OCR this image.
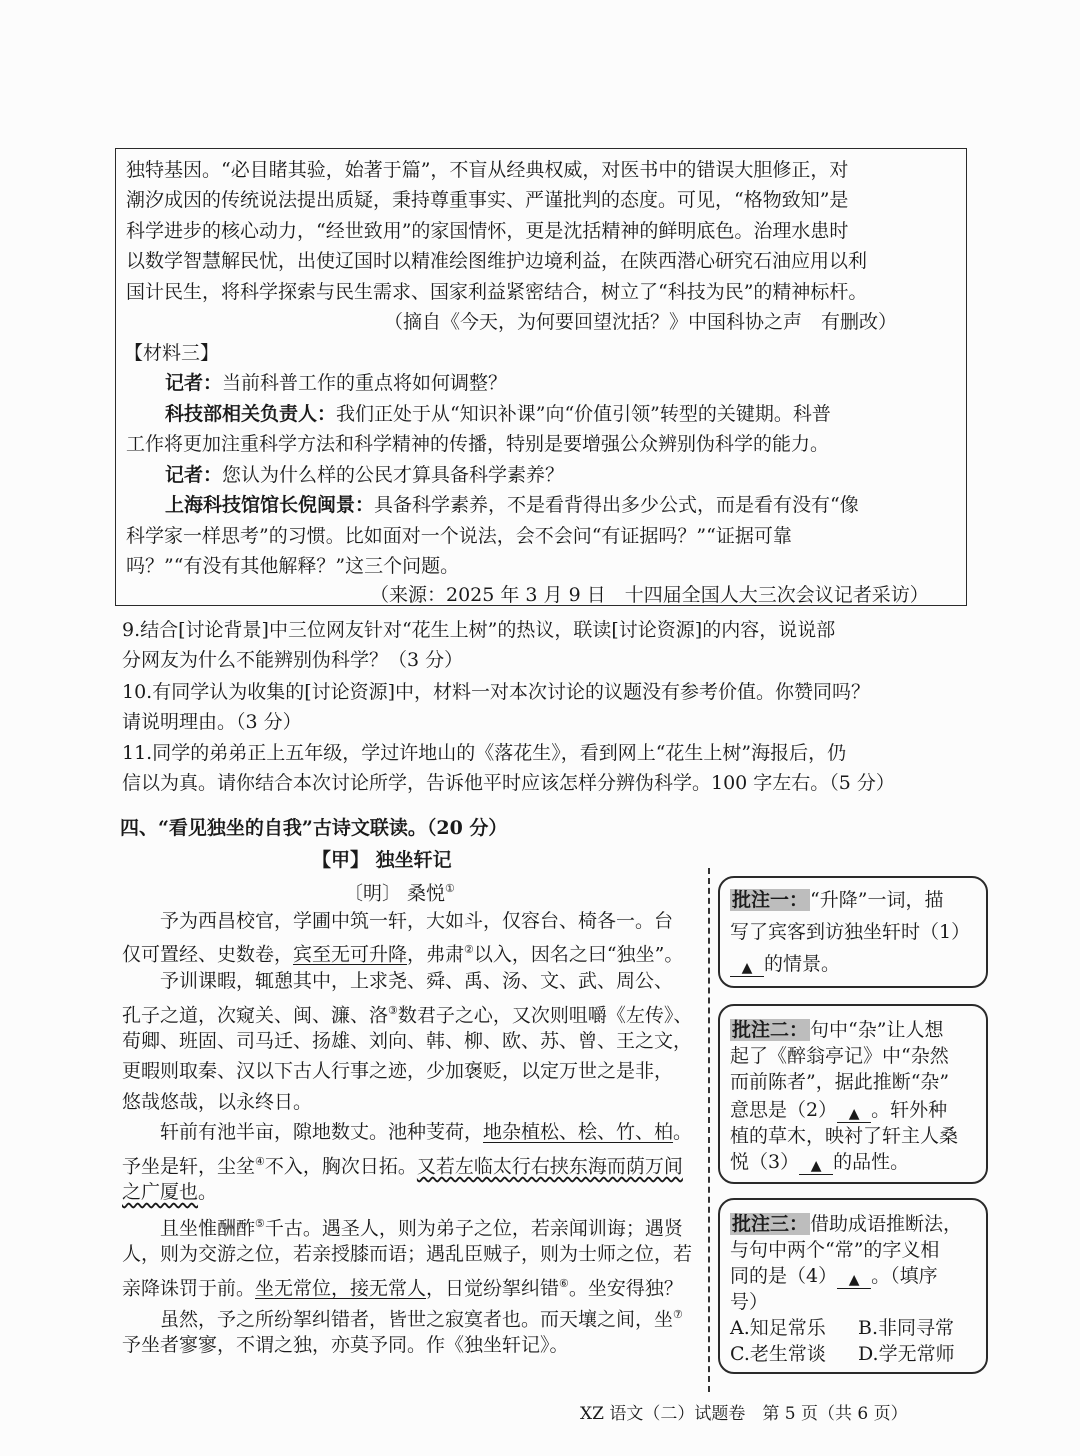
独特基因。“必目睹其验，始著于篇”，不盲从经典权威，对医书中的错误大胆修正，对
潮汐成因的传统说法提出质疑，秉持尊重事实、严谨批判的态度。可见，“格物致知”是
科学进步的核心动力，“经世致用”的家国情怀，更是沈括精神的鲜明底色。治理水患时
以数学智慧解民忧，出使辽国时以精准绘图维护边境利益，在陕西潜心研究石油应用以利
国计民生，将科学探索与民生需求、国家利益紧密结合，树立了“科技为民”的精神标杆。
（摘自《今天，为何要回望沈括？》中国科协之声　有删改）
【材料三】
记者：当前科普工作的重点将如何调整？
科技部相关负责人：我们正处于从“知识补课”向“价值引领”转型的关键期。科普
工作将更加注重科学方法和科学精神的传播，特别是要增强公众辨别伪科学的能力。
记者：您认为什么样的公民才算具备科学素养？
上海科技馆馆长倪闽景：具备科学素养，不是看背得出多少公式，而是看有没有“像
科学家一样思考”的习惯。比如面对一个说法，会不会问“有证据吗？”“证据可靠
吗？”“有没有其他解释？”这三个问题。
（来源：2025 年 3 月 9 日　十四届全国人大三次会议记者采访）
9.结合[讨论背景]中三位网友针对“花生上树”的热议，联读[讨论资源]的内容，说说部
分网友为什么不能辨别伪科学？（3 分）
10.有同学认为收集的[讨论资源]中，材料一对本次讨论的议题没有参考价值。你赞同吗？
请说明理由。（3 分）
11.同学的弟弟正上五年级，学过许地山的《落花生》，看到网上“花生上树”海报后，仍
信以为真。请你结合本次讨论所学，告诉他平时应该怎样分辨伪科学。100 字左右。（5 分）
四、“看见独坐的自我”古诗文联读。（20 分）
【甲】 独坐轩记
〔明〕 桑悦①
予为西昌校官，学圃中筑一轩，大如斗，仅容台、椅各一。台
仅可置经、史数卷，宾至无可升降，弗肃②以入，因名之曰“独坐”。
予训课暇，辄憩其中，上求尧、舜、禹、汤、文、武、周公、
孔子之道，次窥关、闽、濂、洛③数君子之心，又次则咀嚼《左传》、
荀卿、班固、司马迁、扬雄、刘向、韩、柳、欧、苏、曾、王之文，
更暇则取秦、汉以下古人行事之迹，少加褒贬，以定万世之是非，
悠哉悠哉，以永终日。
轩前有池半亩，隙地数丈。池种芰荷，地杂植松、桧、竹、柏。
予坐是轩，尘坌④不入，胸次日拓。又若左临太行右挟东海而荫万间
之广厦也。
且坐惟酬酢⑤千古。遇圣人，则为弟子之位，若亲闻训诲；遇贤
人，则为交游之位，若亲授膝而语；遇乱臣贼子，则为士师之位，若
亲降诛罚于前。坐无常位，接无常人，日觉纷挐纠错⑥。坐安得独？
虽然，予之所纷挐纠错者，皆世之寂寞者也。而天壤之间，坐⑦
予坐者寥寥，不谓之独，亦莫予同。作《独坐轩记》。
批注一： “升降”一词，描
写了宾客到访独坐轩时（1）
▲ 的情景。
批注二： 句中“杂”让人想
起了《醉翁亭记》中“杂然
而前陈者”，据此推断“杂”
意思是（2） ▲ 。轩外种
植的草木，映衬了轩主人桑
悦（3） ▲ 的品性。
批注三： 借助成语推断法，
与句中两个“常”的字义相
同的是（4） ▲ 。（填序
号）
A.知足常乐 B.非同寻常
C.老生常谈 D.学无常师
XZ 语文（二）试题卷　第 5 页（共 6 页）
